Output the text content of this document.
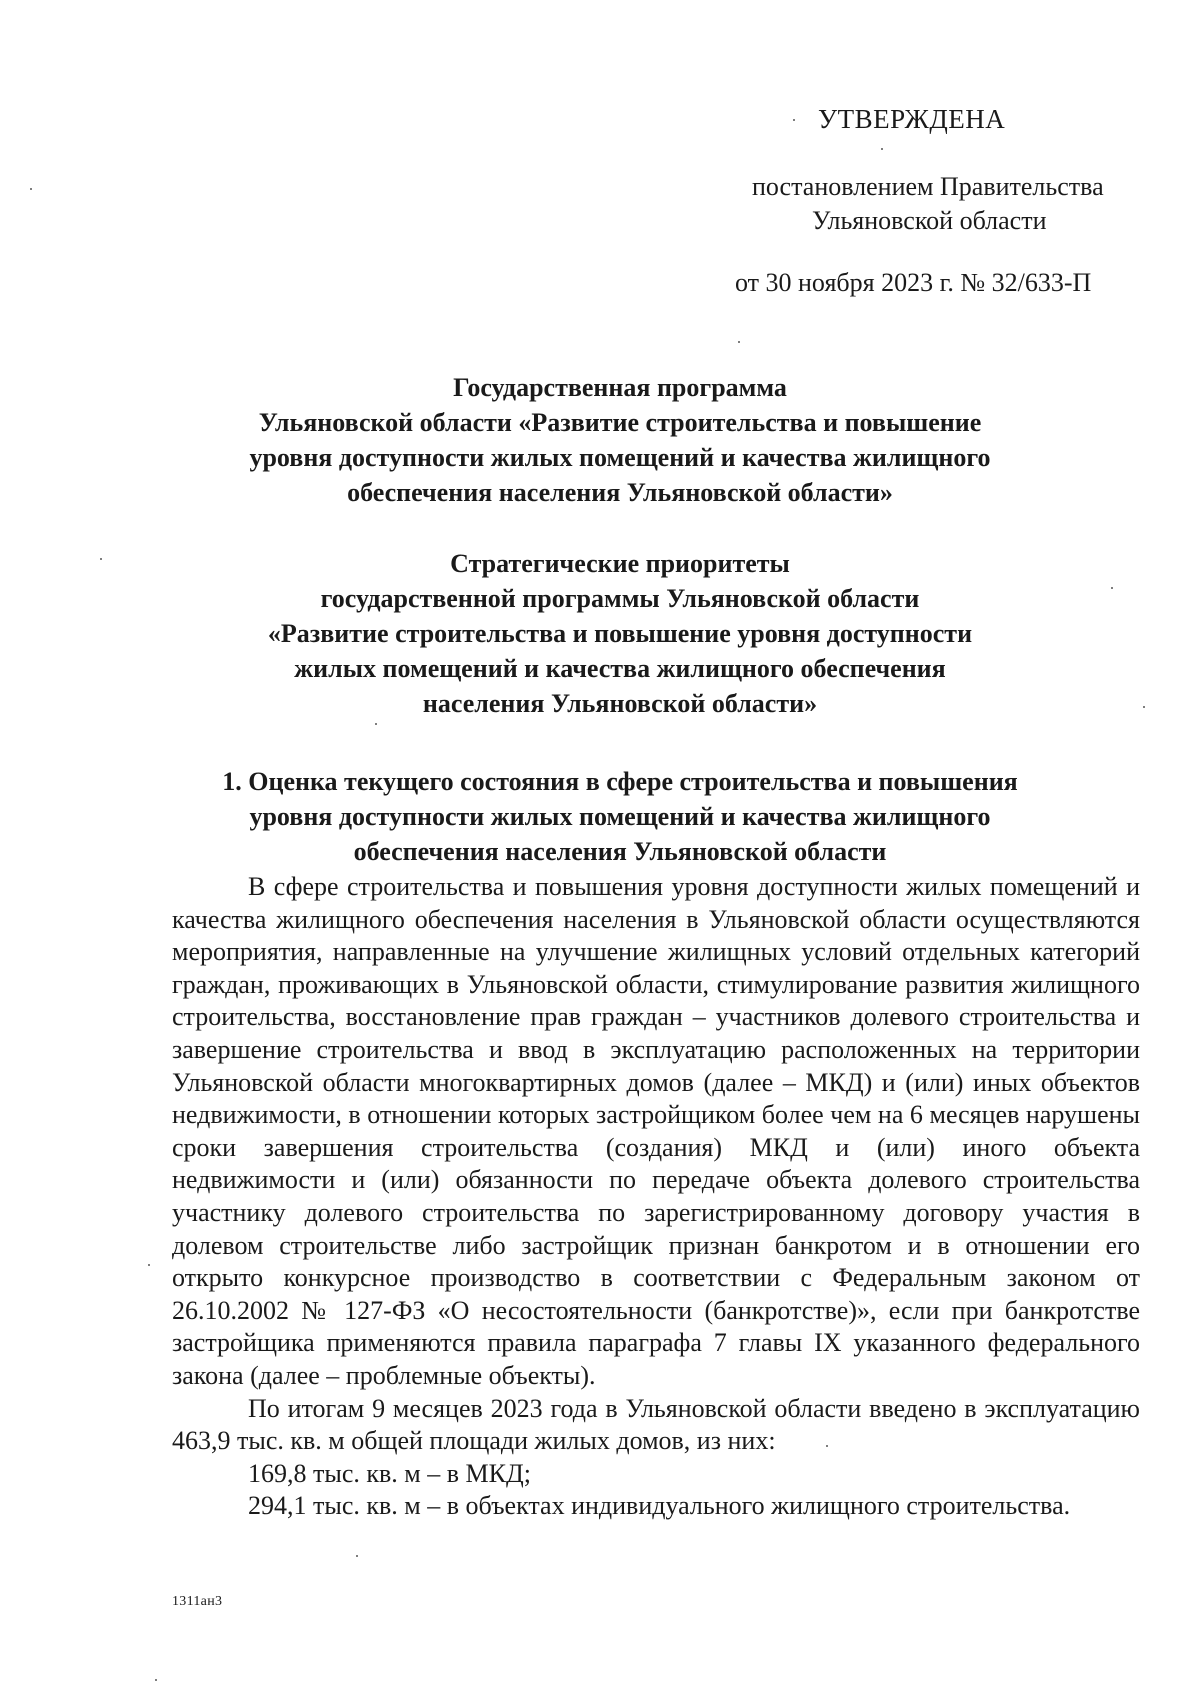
УТВЕРЖДЕНА
постановлением Правительства
Ульяновской области
от 30 ноября 2023 г. № 32/633-П
Государственная программа
Ульяновской области «Развитие строительства и повышение
уровня доступности жилых помещений и качества жилищного
обеспечения населения Ульяновской области»
Стратегические приоритеты
государственной программы Ульяновской области
«Развитие строительства и повышение уровня доступности
жилых помещений и качества жилищного обеспечения
населения Ульяновской области»
1. Оценка текущего состояния в сфере строительства и повышения
уровня доступности жилых помещений и качества жилищного
обеспечения населения Ульяновской области

В сфере строительства и повышения уровня доступности жилых помещений и качества жилищного обеспечения населения в Ульяновской области осуществляются мероприятия, направленные на улучшение жилищных условий отдельных категорий граждан, проживающих в Ульяновской области, стимулирование развития жилищного строительства, восстановление прав граждан – участников долевого строительства и завершение строительства и ввод в эксплуатацию расположенных на территории Ульяновской области многоквартирных домов (далее – МКД) и (или) иных объектов недвижимости, в отношении которых застройщиком более чем на 6 месяцев нарушены сроки завершения строительства (создания) МКД и (или) иного объекта недвижимости и (или) обязанности по передаче объекта долевого строительства участнику долевого строительства по зарегистрированному договору участия в долевом строительстве либо застройщик признан банкротом и в отношении его открыто конкурсное производство в соответствии с Федеральным законом от 26.10.2002 № 127-ФЗ «О несостоятельности (банкротстве)», если при банкротстве застройщика применяются правила параграфа 7 главы IX указанного федерального закона (далее – проблемные объекты).

По итогам 9 месяцев 2023 года в Ульяновской области введено в эксплуатацию 463,9 тыс. кв. м общей площади жилых домов, из них:

169,8 тыс. кв. м – в МКД;

294,1 тыс. кв. м – в объектах индивидуального жилищного строительства.

1311ан3
